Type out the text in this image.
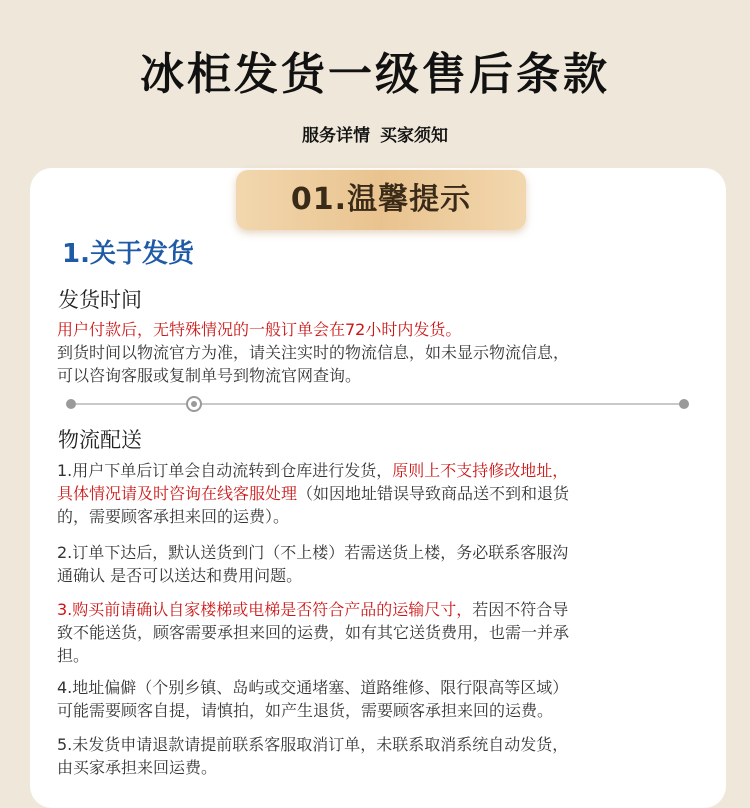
冰柜发货一级售后条款
服务详情 买家须知
01.温馨提示
1.关于发货
发货时间
用户付款后，无特殊情况的一般订单会在72小时内发货。
到货时间以物流官方为准，请关注实时的物流信息，如未显示物流信息，
可以咨询客服或复制单号到物流官网查询。
物流配送
1.用户下单后订单会自动流转到仓库进行发货，原则上不支持修改地址，
具体情况请及时咨询在线客服处理（如因地址错误导致商品送不到和退货
的，需要顾客承担来回的运费）。
2.订单下达后，默认送货到门（不上楼）若需送货上楼，务必联系客服沟
通确认 是否可以送达和费用问题。
3.购买前请确认自家楼梯或电梯是否符合产品的运输尺寸，若因不符合导
致不能送货，顾客需要承担来回的运费，如有其它送货费用，也需一并承
担。
4.地址偏僻（个别乡镇、岛屿或交通堵塞、道路维修、限行限高等区域）
可能需要顾客自提，请慎拍，如产生退货，需要顾客承担来回的运费。
5.未发货申请退款请提前联系客服取消订单，未联系取消系统自动发货，
由买家承担来回运费。
